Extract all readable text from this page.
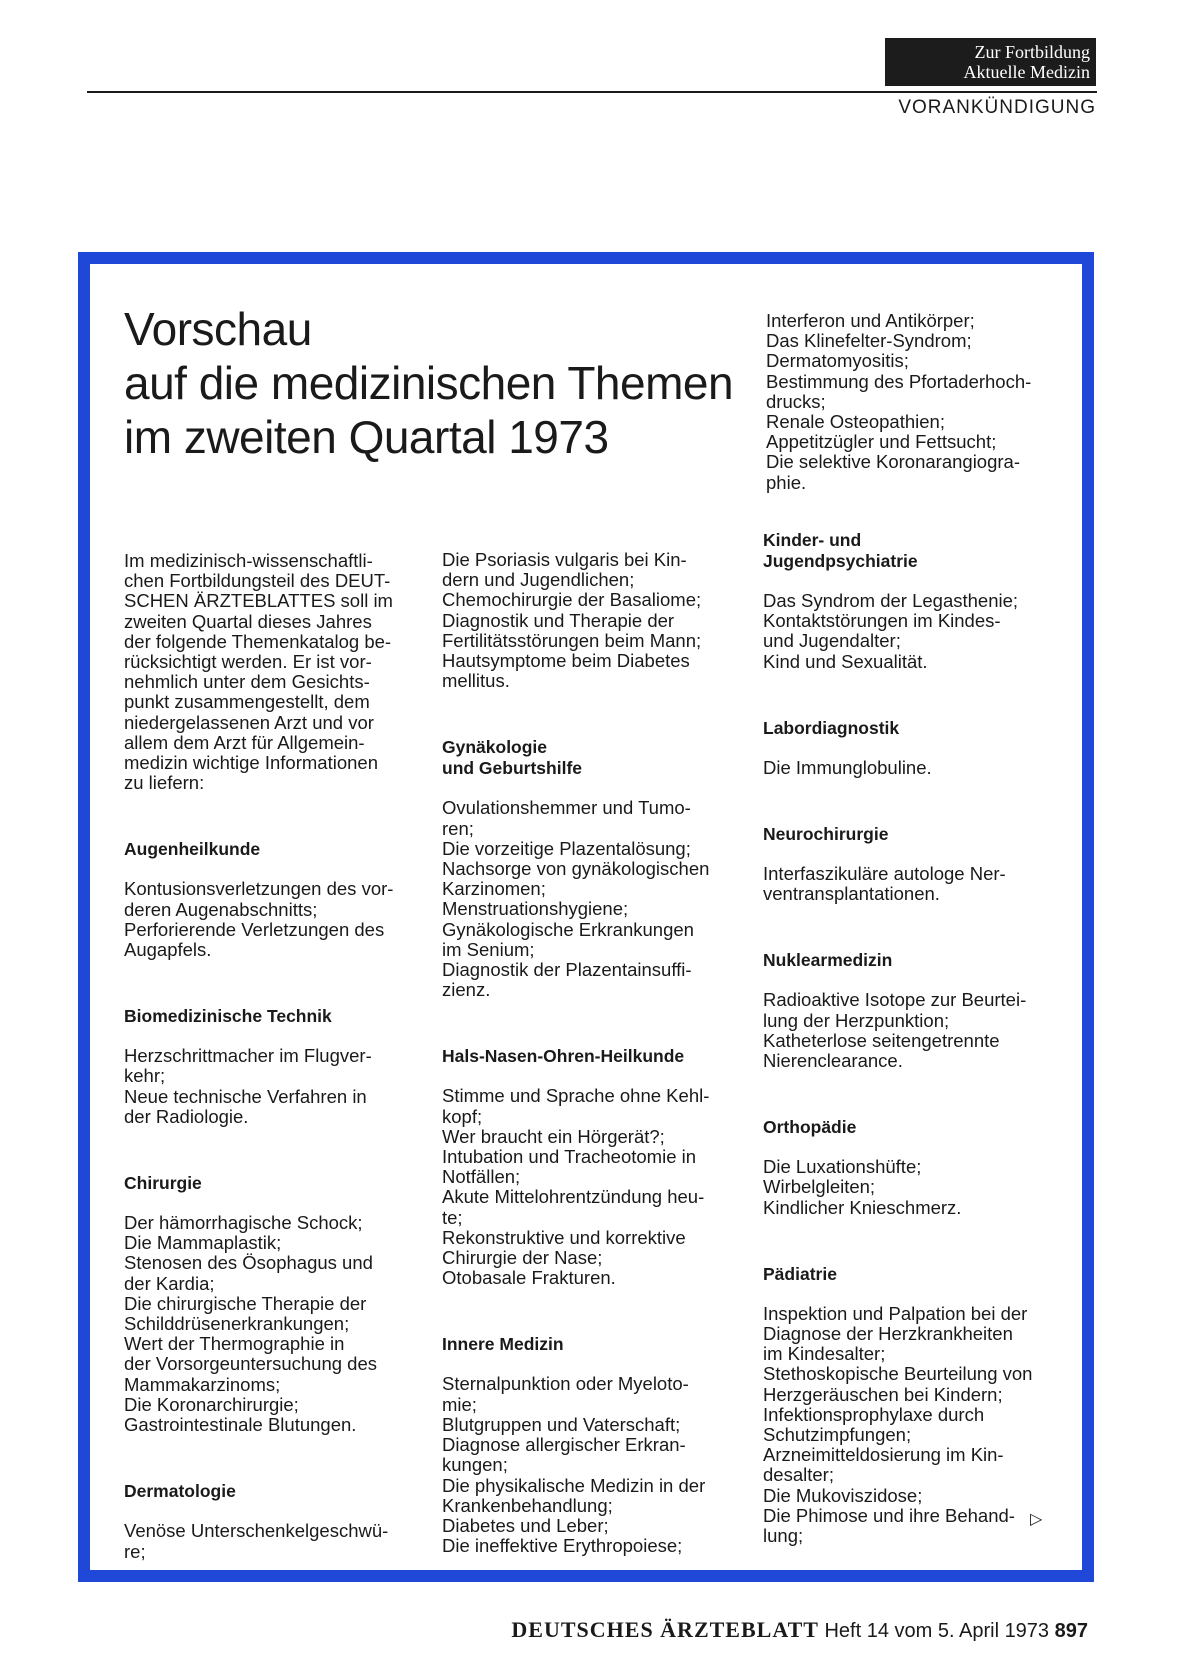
Zur Fortbildung
Aktuelle Medizin
VORANKÜNDIGUNG
Vorschau
auf die medizinischen Themen
im zweiten Quartal 1973

Interferon und Antikörper;
Das Klinefelter-Syndrom;
Dermatomyositis;
Bestimmung des Pfortaderhoch-
drucks;
Renale Osteopathien;
Appetitzügler und Fettsucht;
Die selektive Koronarangiogra-
phie.

Im medizinisch-wissenschaftli-
chen Fortbildungsteil des DEUT-
SCHEN ÄRZTEBLATTES soll im
zweiten Quartal dieses Jahres
der folgende Themenkatalog be-
rücksichtigt werden. Er ist vor-
nehmlich unter dem Gesichts-
punkt zusammengestellt, dem
niedergelassenen Arzt und vor
allem dem Arzt für Allgemein-
medizin wichtige Informationen
zu liefern:

Augenheilkunde

Kontusionsverletzungen des vor-
deren Augenabschnitts;
Perforierende Verletzungen des
Augapfels.

Biomedizinische Technik

Herzschrittmacher im Flugver-
kehr;
Neue technische Verfahren in
der Radiologie.

Chirurgie

Der hämorrhagische Schock;
Die Mammaplastik;
Stenosen des Ösophagus und
der Kardia;
Die chirurgische Therapie der
Schilddrüsenerkrankungen;
Wert der Thermographie in
der Vorsorgeuntersuchung des
Mammakarzinoms;
Die Koronarchirurgie;
Gastrointestinale Blutungen.

Dermatologie

Venöse Unterschenkelgeschwü-
re;

Die Psoriasis vulgaris bei Kin-
dern und Jugendlichen;
Chemochirurgie der Basaliome;
Diagnostik und Therapie der
Fertilitätsstörungen beim Mann;
Hautsymptome beim Diabetes
mellitus.

Gynäkologie
und Geburtshilfe

Ovulationshemmer und Tumo-
ren;
Die vorzeitige Plazentalösung;
Nachsorge von gynäkologischen
Karzinomen;
Menstruationshygiene;
Gynäkologische Erkrankungen
im Senium;
Diagnostik der Plazentainsuffi-
zienz.

Hals-Nasen-Ohren-Heilkunde

Stimme und Sprache ohne Kehl-
kopf;
Wer braucht ein Hörgerät?;
Intubation und Tracheotomie in
Notfällen;
Akute Mittelohrentzündung heu-
te;
Rekonstruktive und korrektive
Chirurgie der Nase;
Otobasale Frakturen.

Innere Medizin

Sternalpunktion oder Myeloto-
mie;
Blutgruppen und Vaterschaft;
Diagnose allergischer Erkran-
kungen;
Die physikalische Medizin in der
Krankenbehandlung;
Diabetes und Leber;
Die ineffektive Erythropoiese;

Kinder- und
Jugendpsychiatrie

Das Syndrom der Legasthenie;
Kontaktstörungen im Kindes-
und Jugendalter;
Kind und Sexualität.

Labordiagnostik

Die Immunglobuline.

Neurochirurgie

Interfaszikuläre autologe Ner-
ventransplantationen.

Nuklearmedizin

Radioaktive Isotope zur Beurtei-
lung der Herzpunktion;
Katheterlose seitengetrennte
Nierenclearance.

Orthopädie

Die Luxationshüfte;
Wirbelgleiten;
Kindlicher Knieschmerz.

Pädiatrie

Inspektion und Palpation bei der
Diagnose der Herzkrankheiten
im Kindesalter;
Stethoskopische Beurteilung von
Herzgeräuschen bei Kindern;
Infektionsprophylaxe durch
Schutzimpfungen;
Arzneimitteldosierung im Kin-
desalter;
Die Mukoviszidose;
Die Phimose und ihre Behand-
lung;

▷
DEUTSCHES ÄRZTEBLATT Heft 14 vom 5. April 1973 897
